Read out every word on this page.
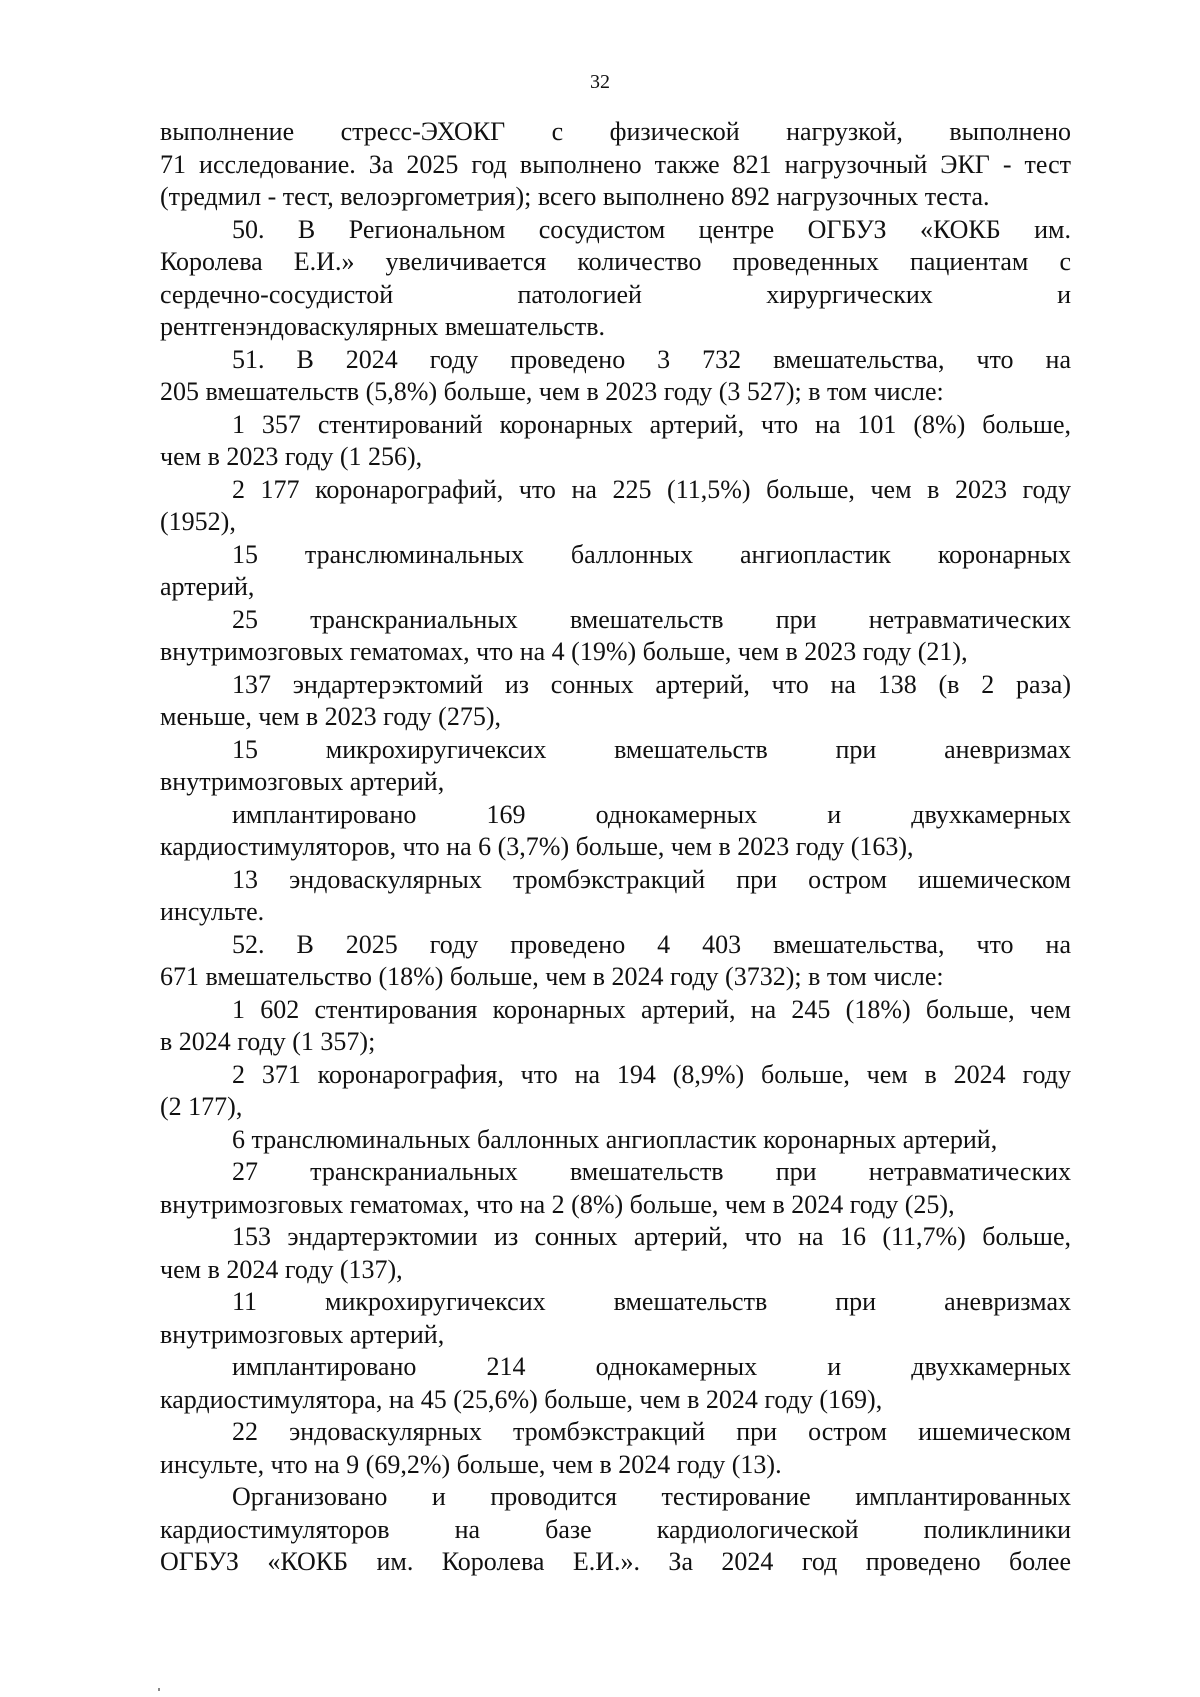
32
выполнение стресс-ЭХОКГ с физической нагрузкой, выполнено
71 исследование. За 2025 год выполнено также 821 нагрузочный ЭКГ - тест
(тредмил - тест, велоэргометрия); всего выполнено 892 нагрузочных теста.
50. В Региональном сосудистом центре ОГБУЗ «КОКБ им.
Королева Е.И.» увеличивается количество проведенных пациентам с
сердечно-сосудистой патологией хирургических и
рентгенэндоваскулярных вмешательств.
51. В 2024 году проведено 3 732 вмешательства, что на
205 вмешательств (5,8%) больше, чем в 2023 году (3 527); в том числе:
1 357 стентирований коронарных артерий, что на 101 (8%) больше,
чем в 2023 году (1 256),
2 177 коронарографий, что на 225 (11,5%) больше, чем в 2023 году
(1952),
15 транслюминальных баллонных ангиопластик коронарных
артерий,
25 транскраниальных вмешательств при нетравматических
внутримозговых гематомах, что на 4 (19%) больше, чем в 2023 году (21),
137 эндартерэктомий из сонных артерий, что на 138 (в 2 раза)
меньше, чем в 2023 году (275),
15 микрохиругичексих вмешательств при аневризмах
внутримозговых артерий,
имплантировано 169 однокамерных и двухкамерных
кардиостимуляторов, что на 6 (3,7%) больше, чем в 2023 году (163),
13 эндоваскулярных тромбэкстракций при остром ишемическом
инсульте.
52. В 2025 году проведено 4 403 вмешательства, что на
671 вмешательство (18%) больше, чем в 2024 году (3732); в том числе:
1 602 стентирования коронарных артерий, на 245 (18%) больше, чем
в 2024 году (1 357);
2 371 коронарография, что на 194 (8,9%) больше, чем в 2024 году
(2 177),
6 транслюминальных баллонных ангиопластик коронарных артерий,
27 транскраниальных вмешательств при нетравматических
внутримозговых гематомах, что на 2 (8%) больше, чем в 2024 году (25),
153 эндартерэктомии из сонных артерий, что на 16 (11,7%) больше,
чем в 2024 году (137),
11 микрохиругичексих вмешательств при аневризмах
внутримозговых артерий,
имплантировано 214 однокамерных и двухкамерных
кардиостимулятора, на 45 (25,6%) больше, чем в 2024 году (169),
22 эндоваскулярных тромбэкстракций при остром ишемическом
инсульте, что на 9 (69,2%) больше, чем в 2024 году (13).
Организовано и проводится тестирование имплантированных
кардиостимуляторов на базе кардиологической поликлиники
ОГБУЗ «КОКБ им. Королева Е.И.». За 2024 год проведено более
